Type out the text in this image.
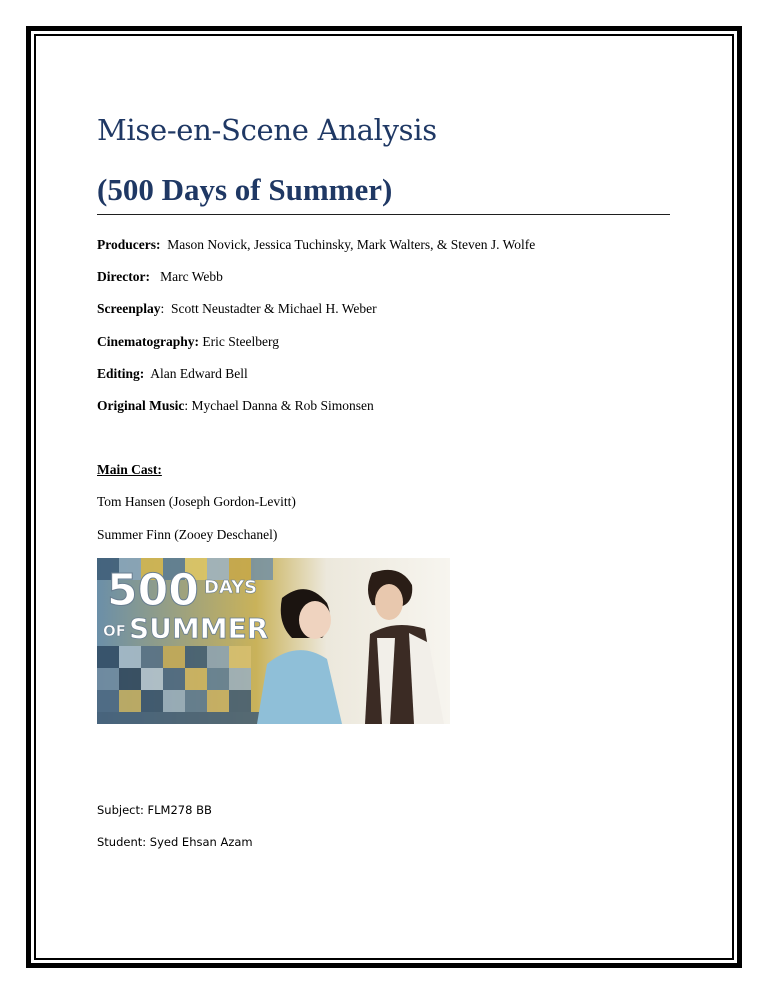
Mise-en-Scene Analysis
(500 Days of Summer)

Producers:  Mason Novick, Jessica Tuchinsky, Mark Walters, & Steven J. Wolfe

Director:   Marc Webb

Screenplay:  Scott Neustadter & Michael H. Weber

Cinematography: Eric Steelberg

Editing:  Alan Edward Bell

Original Music: Mychael Danna & Rob Simonsen

Main Cast:

Tom Hansen (Joseph Gordon-Levitt)

Summer Finn (Zooey Deschanel)

500 DAYS
OF SUMMER

Subject: FLM278 BB

Student: Syed Ehsan Azam
